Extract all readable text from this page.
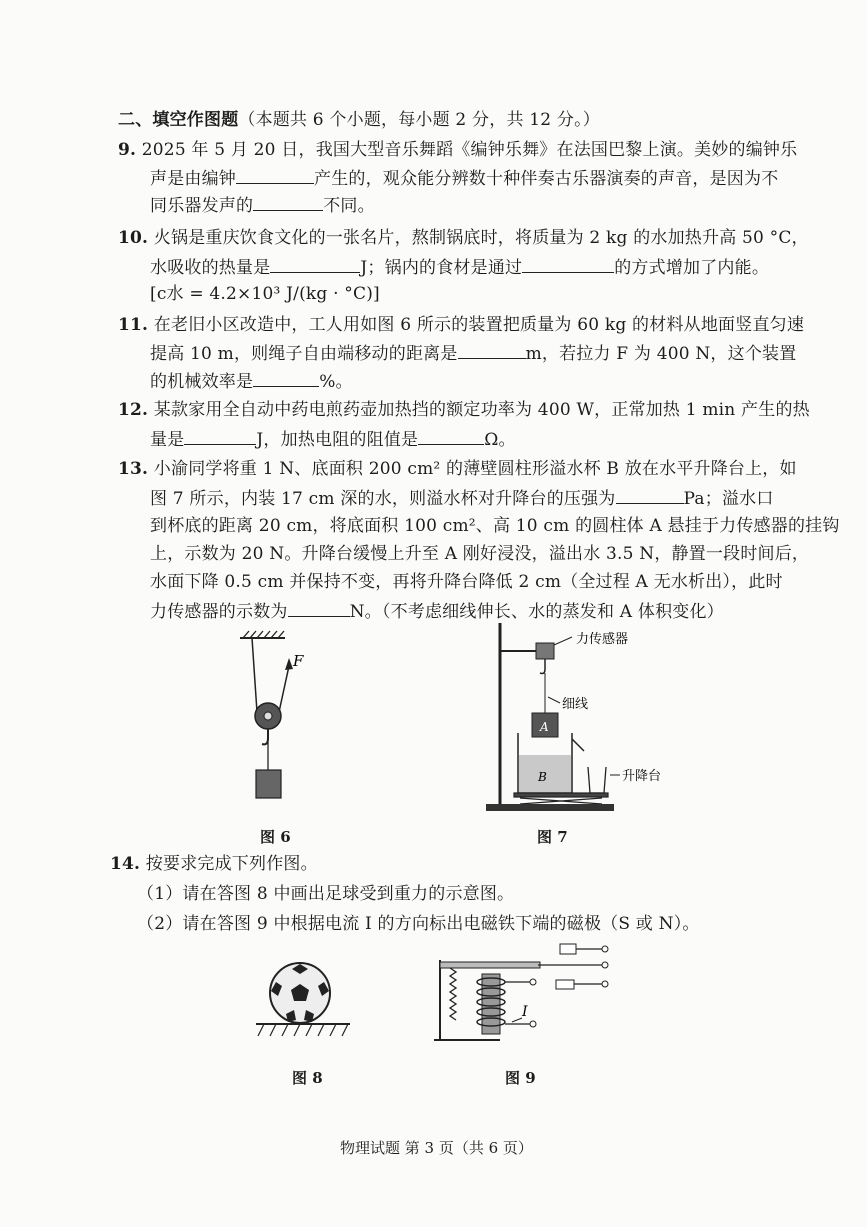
二、填空作图题（本题共 6 个小题，每小题 2 分，共 12 分。）
9. 2025 年 5 月 20 日，我国大型音乐舞蹈《编钟乐舞》在法国巴黎上演。美妙的编钟乐
声是由编钟	产生的，观众能分辨数十种伴奏古乐器演奏的声音，是因为不
同乐器发声的	不同。
10. 火锅是重庆饮食文化的一张名片，熬制锅底时，将质量为 2 kg 的水加热升高 50 °C，
水吸收的热量是	J；锅内的食材是通过	的方式增加了内能。
[c水 = 4.2×10³ J/(kg · °C)]
11. 在老旧小区改造中，工人用如图 6 所示的装置把质量为 60 kg 的材料从地面竖直匀速
提高 10 m，则绳子自由端移动的距离是	m，若拉力 F 为 400 N，这个装置
的机械效率是	%。
12. 某款家用全自动中药电煎药壶加热挡的额定功率为 400 W，正常加热 1 min 产生的热
量是	J，加热电阻的阻值是	Ω。
13. 小渝同学将重 1 N、底面积 200 cm² 的薄壁圆柱形溢水杯 B 放在水平升降台上，如
图 7 所示，内装 17 cm 深的水，则溢水杯对升降台的压强为	Pa；溢水口
到杯底的距离 20 cm，将底面积 100 cm²、高 10 cm 的圆柱体 A 悬挂于力传感器的挂钩
上，示数为 20 N。升降台缓慢上升至 A 刚好浸没，溢出水 3.5 N，静置一段时间后，
水面下降 0.5 cm 并保持不变，再将升降台降低 2 cm（全过程 A 无水析出），此时
力传感器的示数为	N。（不考虑细线伸长、水的蒸发和 A 体积变化）
F
图 6
力传感器
细线
A
B	升降台
图 7
14. 按要求完成下列作图。
（1）请在答图 8 中画出足球受到重力的示意图。
（2）请在答图 9 中根据电流 I 的方向标出电磁铁下端的磁极（S 或 N）。
图 8
I
图 9
物理试题 第 3 页（共 6 页）
